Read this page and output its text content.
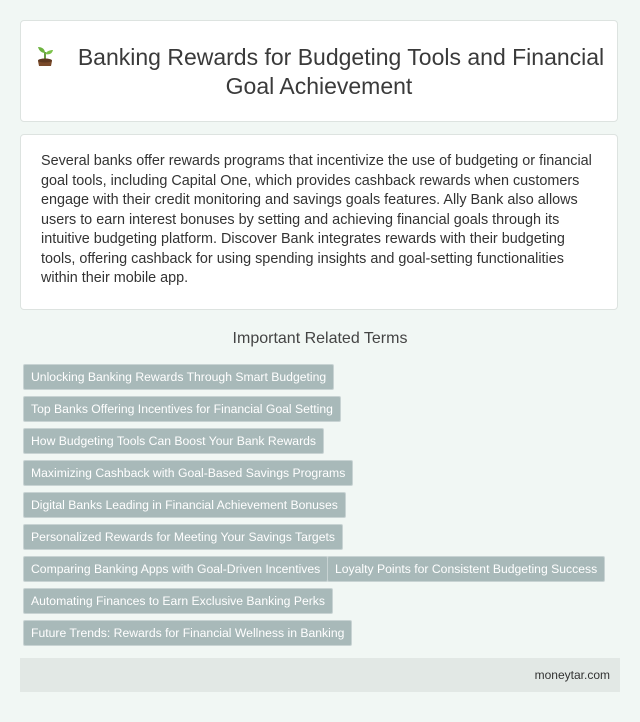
Banking Rewards for Budgeting Tools and Financial Goal Achievement
Several banks offer rewards programs that incentivize the use of budgeting or financial goal tools, including Capital One, which provides cashback rewards when customers engage with their credit monitoring and savings goals features. Ally Bank also allows users to earn interest bonuses by setting and achieving financial goals through its intuitive budgeting platform. Discover Bank integrates rewards with their budgeting tools, offering cashback for using spending insights and goal-setting functionalities within their mobile app.
Important Related Terms
Unlocking Banking Rewards Through Smart Budgeting
Top Banks Offering Incentives for Financial Goal Setting
How Budgeting Tools Can Boost Your Bank Rewards
Maximizing Cashback with Goal-Based Savings Programs
Digital Banks Leading in Financial Achievement Bonuses
Personalized Rewards for Meeting Your Savings Targets
Comparing Banking Apps with Goal-Driven Incentives	Loyalty Points for Consistent Budgeting Success
Automating Finances to Earn Exclusive Banking Perks
Future Trends: Rewards for Financial Wellness in Banking
moneytar.com
